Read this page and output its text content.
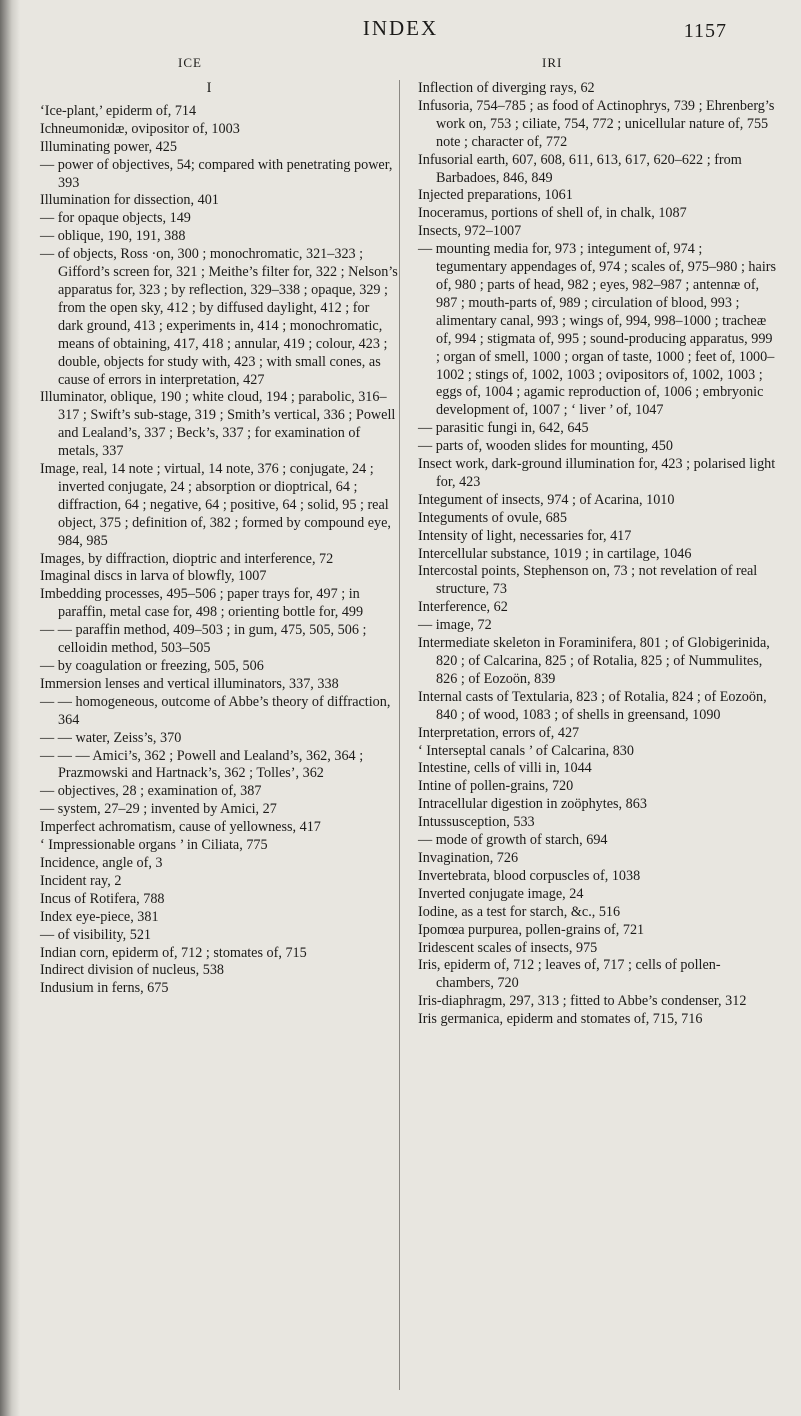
INDEX	1157
ICE	IRI
I
‘Ice-plant,’ epiderm of, 714
Ichneumonidæ, ovipositor of, 1003
Illuminating power, 425
— power of objectives, 54; compared with penetrating power, 393
Illumination for dissection, 401
— for opaque objects, 149
— oblique, 190, 191, 388
— of objects, Ross ·on, 300 ; monochromatic, 321–323 ; Gifford’s screen for, 321 ; Meithe’s filter for, 322 ; Nelson’s apparatus for, 323 ; by reflection, 329–338 ; opaque, 329 ; from the open sky, 412 ; by diffused daylight, 412 ; for dark ground, 413 ; experiments in, 414 ; monochromatic, means of obtaining, 417, 418 ; annular, 419 ; colour, 423 ; double, objects for study with, 423 ; with small cones, as cause of errors in interpretation, 427
Illuminator, oblique, 190 ; white cloud, 194 ; parabolic, 316–317 ; Swift’s sub-stage, 319 ; Smith’s vertical, 336 ; Powell and Lealand’s, 337 ; Beck’s, 337 ; for examination of metals, 337
Image, real, 14 note ; virtual, 14 note, 376 ; conjugate, 24 ; inverted conjugate, 24 ; absorption or dioptrical, 64 ; diffraction, 64 ; negative, 64 ; positive, 64 ; solid, 95 ; real object, 375 ; definition of, 382 ; formed by compound eye, 984, 985
Images, by diffraction, dioptric and interference, 72
Imaginal discs in larva of blowfly, 1007
Imbedding processes, 495–506 ; paper trays for, 497 ; in paraffin, metal case for, 498 ; orienting bottle for, 499
— — paraffin method, 409–503 ; in gum, 475, 505, 506 ; celloidin method, 503–505
— by coagulation or freezing, 505, 506
Immersion lenses and vertical illuminators, 337, 338
— — homogeneous, outcome of Abbe’s theory of diffraction, 364
— — water, Zeiss’s, 370
— — — Amici’s, 362 ; Powell and Lealand’s, 362, 364 ; Prazmowski and Hartnack’s, 362 ; Tolles’, 362
— objectives, 28 ; examination of, 387
— system, 27–29 ; invented by Amici, 27
Imperfect achromatism, cause of yellowness, 417
‘ Impressionable organs ’ in Ciliata, 775
Incidence, angle of, 3
Incident ray, 2
Incus of Rotifera, 788
Index eye-piece, 381
— of visibility, 521
Indian corn, epiderm of, 712 ; stomates of, 715
Indirect division of nucleus, 538
Indusium in ferns, 675
Inflection of diverging rays, 62
Infusoria, 754–785 ; as food of Actinophrys, 739 ; Ehrenberg’s work on, 753 ; ciliate, 754, 772 ; unicellular nature of, 755 note ; character of, 772
Infusorial earth, 607, 608, 611, 613, 617, 620–622 ; from Barbadoes, 846, 849
Injected preparations, 1061
Inoceramus, portions of shell of, in chalk, 1087
Insects, 972–1007
— mounting media for, 973 ; integument of, 974 ; tegumentary appendages of, 974 ; scales of, 975–980 ; hairs of, 980 ; parts of head, 982 ; eyes, 982–987 ; antennæ of, 987 ; mouth-parts of, 989 ; circulation of blood, 993 ; alimentary canal, 993 ; wings of, 994, 998–1000 ; tracheæ of, 994 ; stigmata of, 995 ; sound-producing apparatus, 999 ; organ of smell, 1000 ; organ of taste, 1000 ; feet of, 1000–1002 ; stings of, 1002, 1003 ; ovipositors of, 1002, 1003 ; eggs of, 1004 ; agamic reproduction of, 1006 ; embryonic development of, 1007 ; ‘ liver ’ of, 1047
— parasitic fungi in, 642, 645
— parts of, wooden slides for mounting, 450
Insect work, dark-ground illumination for, 423 ; polarised light for, 423
Integument of insects, 974 ; of Acarina, 1010
Integuments of ovule, 685
Intensity of light, necessaries for, 417
Intercellular substance, 1019 ; in cartilage, 1046
Intercostal points, Stephenson on, 73 ; not revelation of real structure, 73
Interference, 62
— image, 72
Intermediate skeleton in Foraminifera, 801 ; of Globigerinida, 820 ; of Calcarina, 825 ; of Rotalia, 825 ; of Nummulites, 826 ; of Eozoön, 839
Internal casts of Textularia, 823 ; of Rotalia, 824 ; of Eozoön, 840 ; of wood, 1083 ; of shells in greensand, 1090
Interpretation, errors of, 427
‘ Interseptal canals ’ of Calcarina, 830
Intestine, cells of villi in, 1044
Intine of pollen-grains, 720
Intracellular digestion in zoöphytes, 863
Intussusception, 533
— mode of growth of starch, 694
Invagination, 726
Invertebrata, blood corpuscles of, 1038
Inverted conjugate image, 24
Iodine, as a test for starch, &c., 516
Ipomœa purpurea, pollen-grains of, 721
Iridescent scales of insects, 975
Iris, epiderm of, 712 ; leaves of, 717 ; cells of pollen-chambers, 720
Iris-diaphragm, 297, 313 ; fitted to Abbe’s condenser, 312
Iris germanica, epiderm and stomates of, 715, 716
